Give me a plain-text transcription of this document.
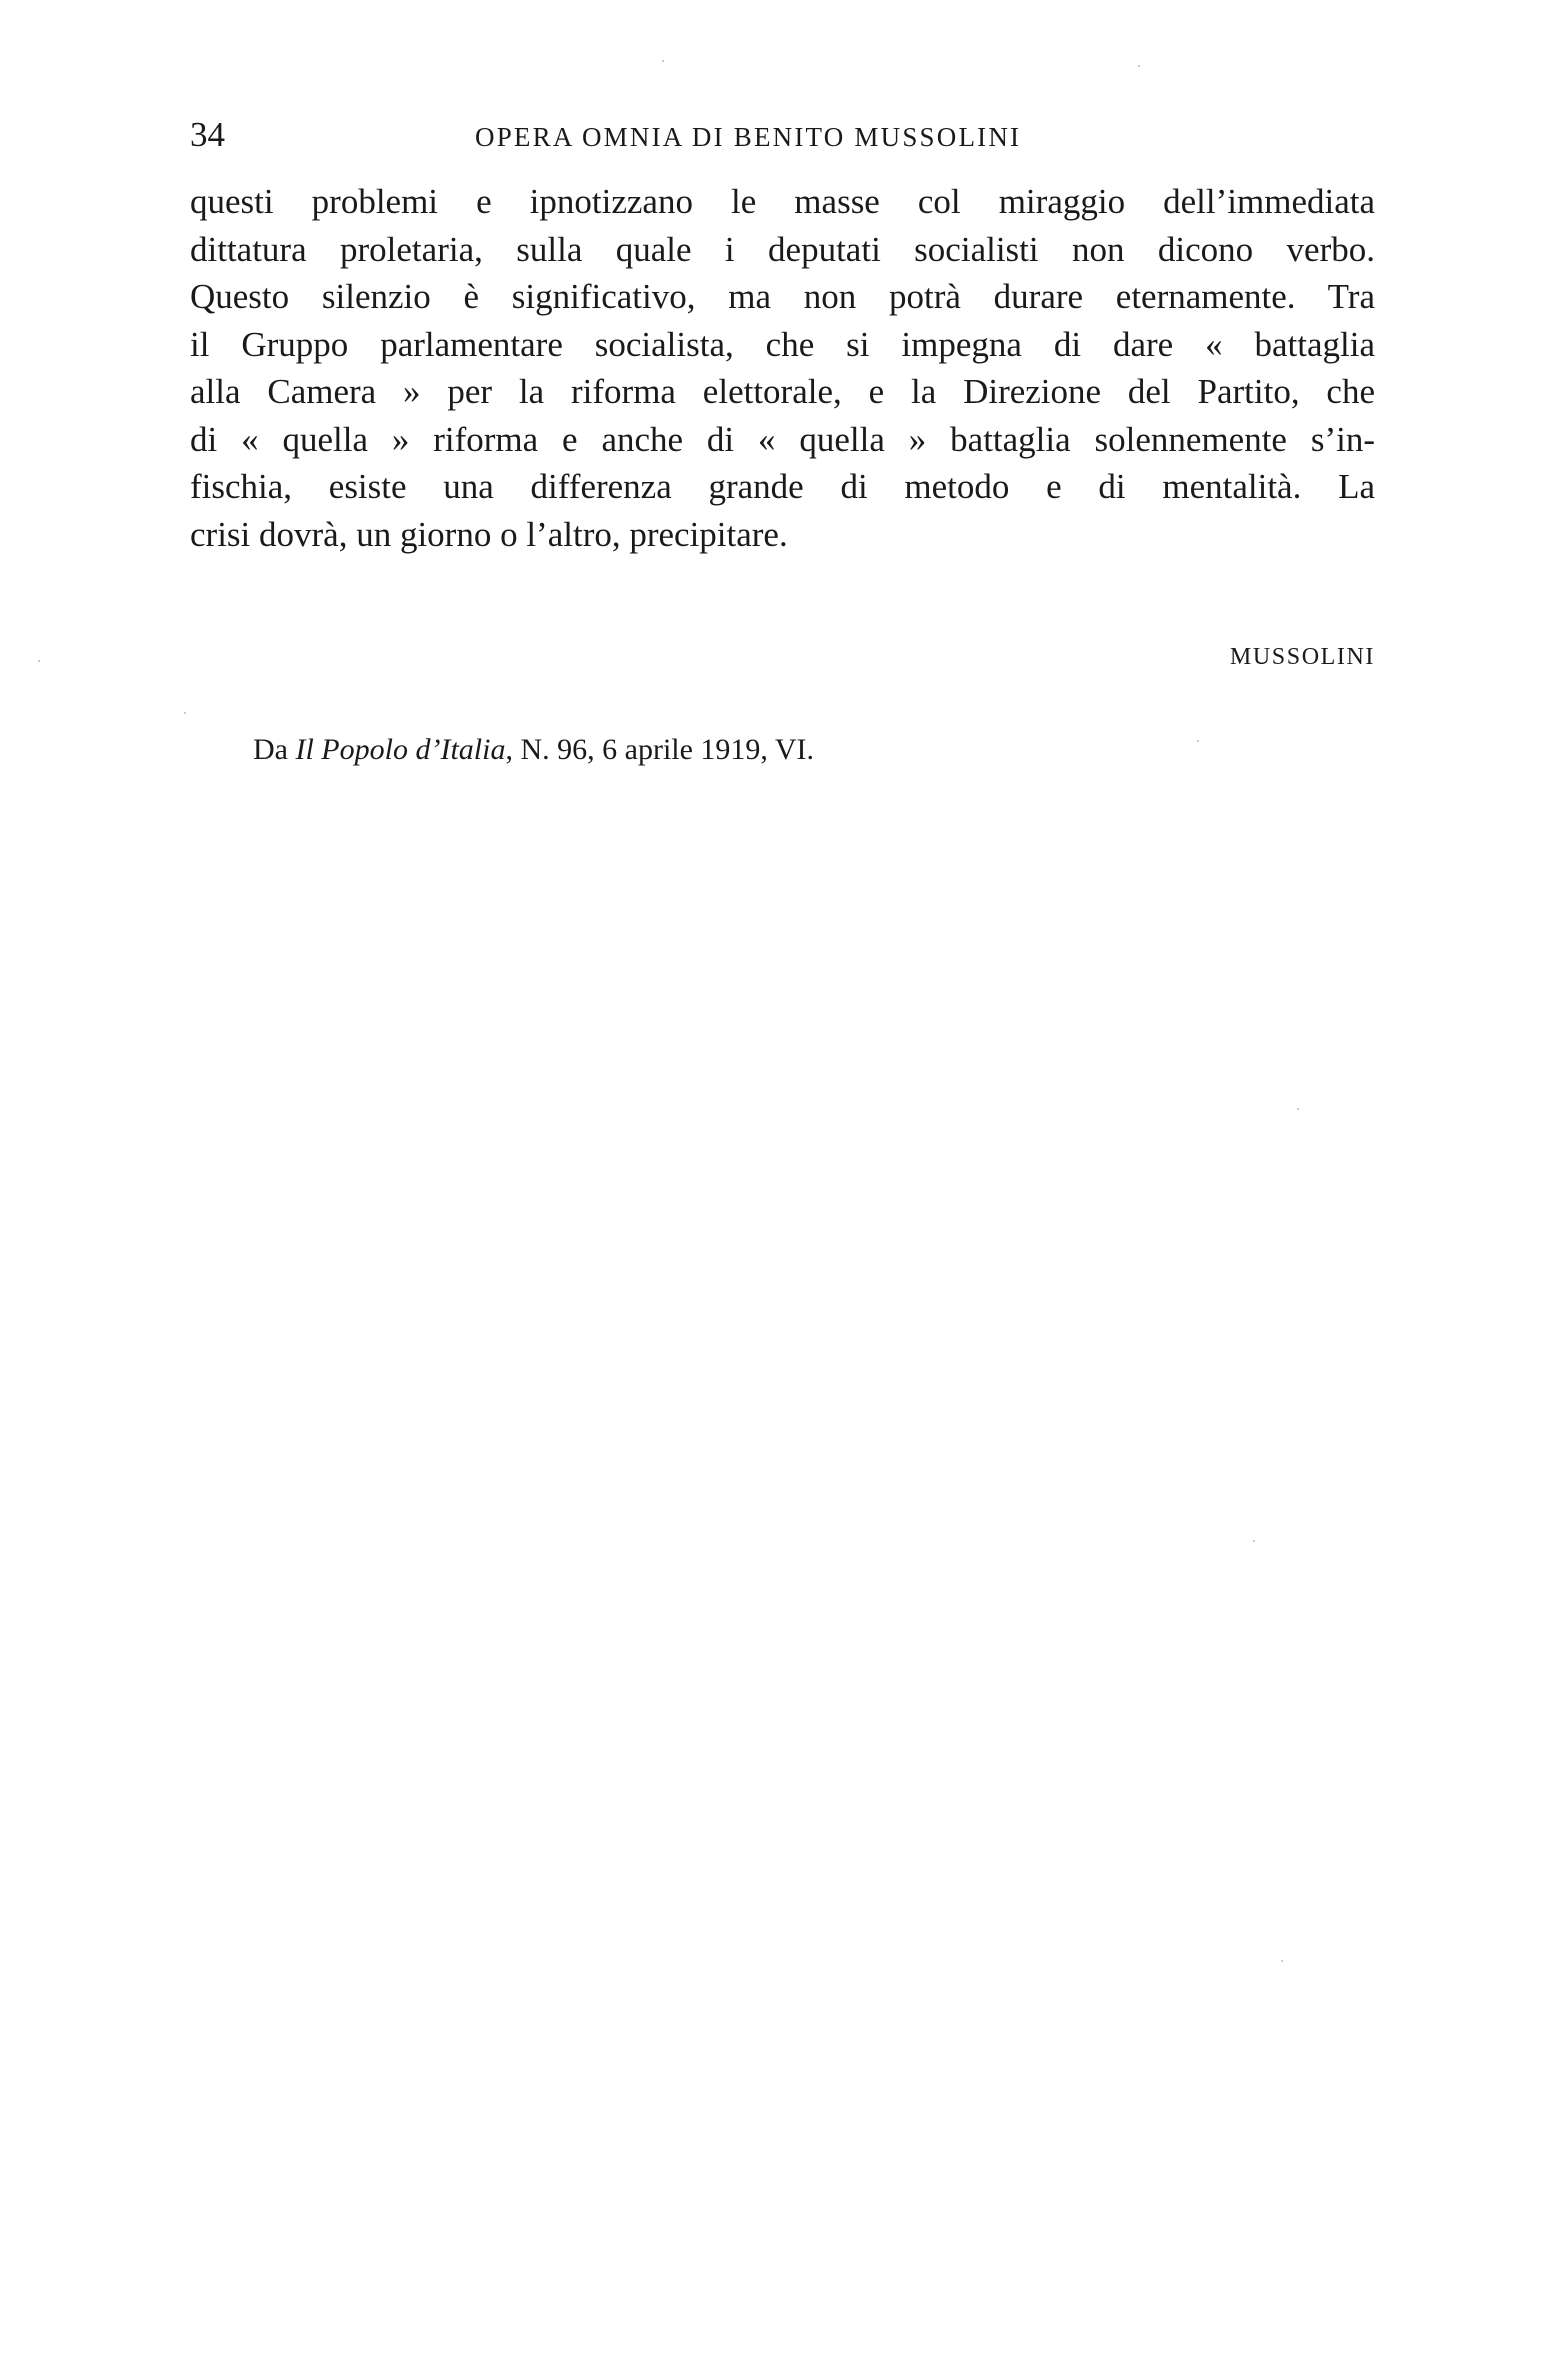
34	OPERA OMNIA DI BENITO MUSSOLINI
questi problemi e ipnotizzano le masse col miraggio dell’immediata
dittatura proletaria, sulla quale i deputati socialisti non dicono verbo.
Questo silenzio è significativo, ma non potrà durare eternamente. Tra
il Gruppo parlamentare socialista, che si impegna di dare « battaglia
alla Camera » per la riforma elettorale, e la Direzione del Partito, che
di « quella » riforma e anche di « quella » battaglia solennemente s’in-
fischia, esiste una differenza grande di metodo e di mentalità. La
crisi dovrà, un giorno o l’altro, precipitare.
MUSSOLINI
Da Il Popolo d’Italia, N. 96, 6 aprile 1919, VI.
